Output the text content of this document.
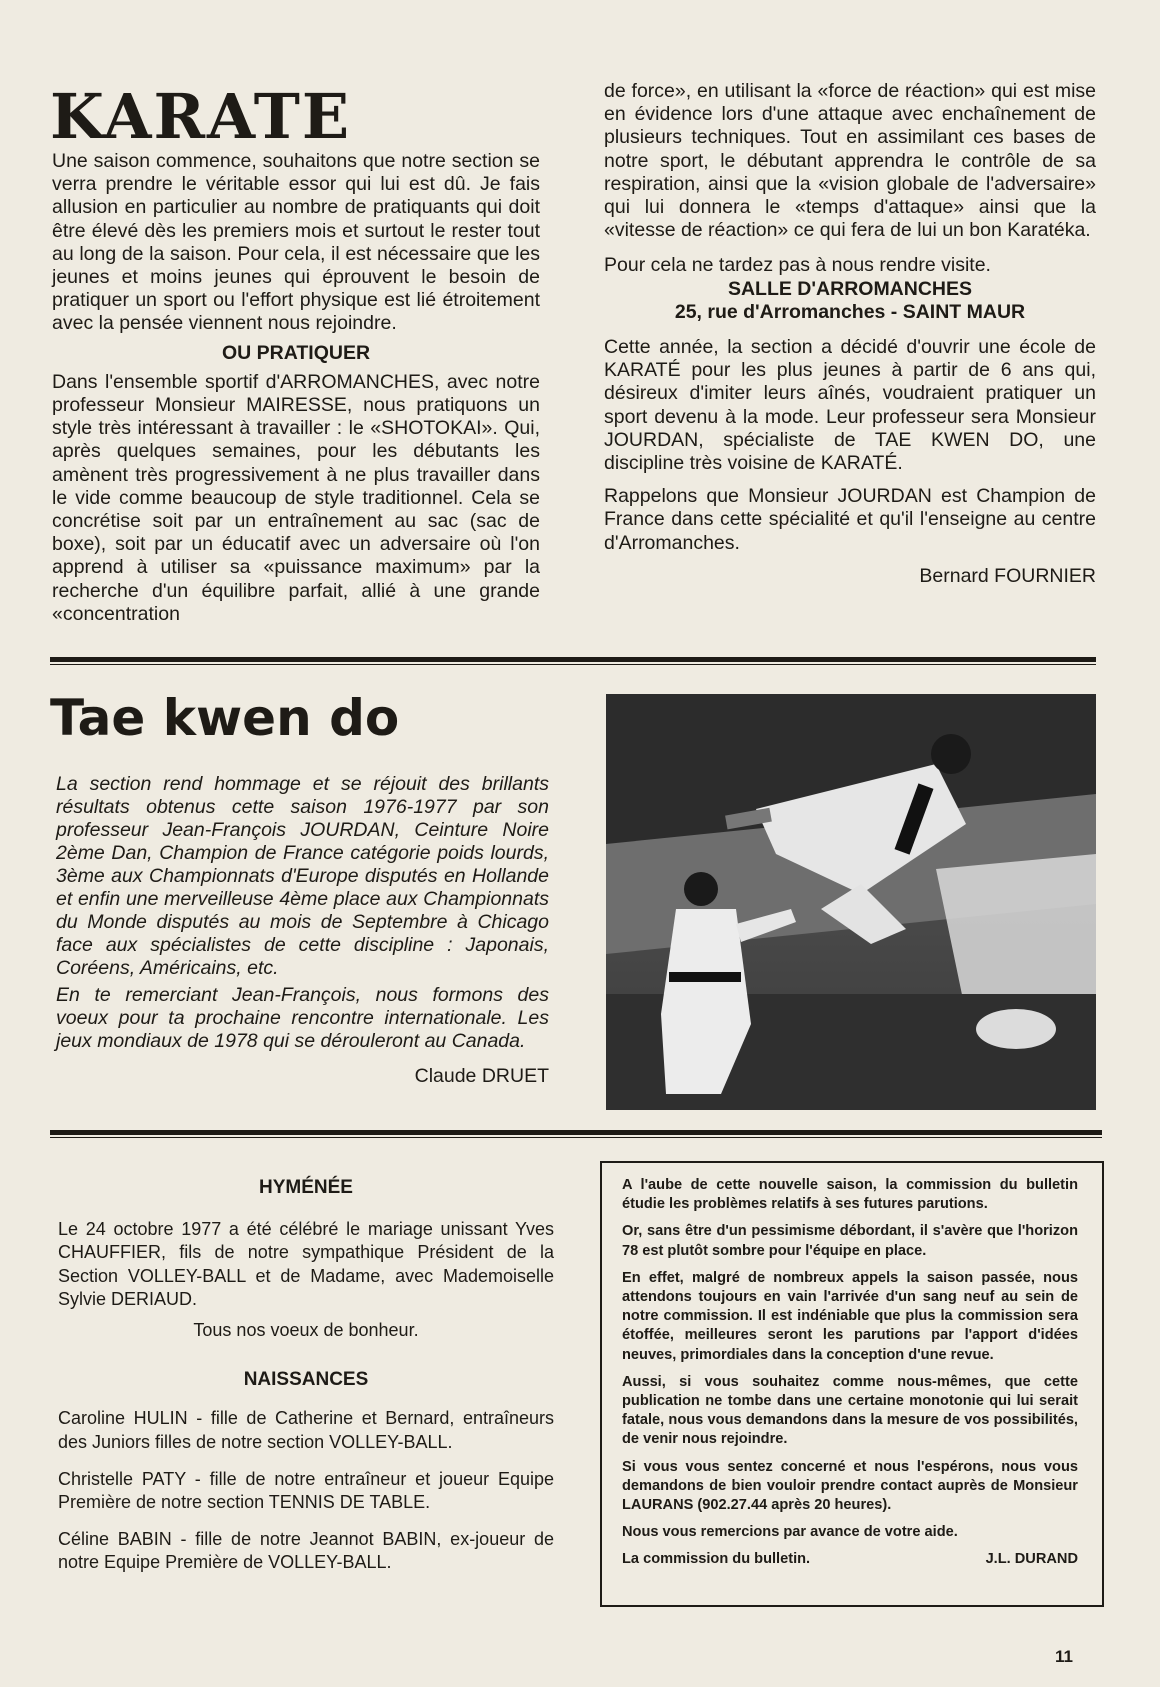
KARATE

Une saison commence, souhaitons que notre section se verra prendre le véritable essor qui lui est dû. Je fais allusion en particulier au nombre de pratiquants qui doit être élevé dès les premiers mois et surtout le rester tout au long de la saison. Pour cela, il est nécessaire que les jeunes et moins jeunes qui éprouvent le besoin de pratiquer un sport ou l'effort physique est lié étroitement avec la pensée viennent nous rejoindre.

OU PRATIQUER

Dans l'ensemble sportif d'ARROMANCHES, avec notre professeur Monsieur MAIRESSE, nous pratiquons un style très intéressant à travailler : le «SHOTOKAI». Qui, après quelques semaines, pour les débutants les amènent très progressivement à ne plus travailler dans le vide comme beaucoup de style traditionnel. Cela se concrétise soit par un entraînement au sac (sac de boxe), soit par un éducatif avec un adversaire où l'on apprend à utiliser sa «puissance maximum» par la recherche d'un équilibre parfait, allié à une grande «concentration

de force», en utilisant la «force de réaction» qui est mise en évidence lors d'une attaque avec enchaînement de plusieurs techniques. Tout en assimilant ces bases de notre sport, le débutant apprendra le contrôle de sa respiration, ainsi que la «vision globale de l'adversaire» qui lui donnera le «temps d'attaque» ainsi que la «vitesse de réaction» ce qui fera de lui un bon Karatéka.

Pour cela ne tardez pas à nous rendre visite.

SALLE D'ARROMANCHES

25, rue d'Arromanches - SAINT MAUR

Cette année, la section a décidé d'ouvrir une école de KARATÉ pour les plus jeunes à partir de 6 ans qui, désireux d'imiter leurs aînés, voudraient pratiquer un sport devenu à la mode. Leur professeur sera Monsieur JOURDAN, spécialiste de TAE KWEN DO, une discipline très voisine de KARATÉ.

Rappelons que Monsieur JOURDAN est Champion de France dans cette spécialité et qu'il l'enseigne au centre d'Arromanches.

Bernard FOURNIER

Tae kwen do

La section rend hommage et se réjouit des brillants résultats obtenus cette saison 1976-1977 par son professeur Jean-François JOURDAN, Ceinture Noire 2ème Dan, Champion de France catégorie poids lourds, 3ème aux Championnats d'Europe disputés en Hollande et enfin une merveilleuse 4ème place aux Championnats du Monde disputés au mois de Septembre à Chicago face aux spécialistes de cette discipline : Japonais, Coréens, Américains, etc.

En te remerciant Jean-François, nous formons des voeux pour ta prochaine rencontre internationale. Les jeux mondiaux de 1978 qui se dérouleront au Canada.

Claude DRUET

HYMÉNÉE

Le 24 octobre 1977 a été célébré le mariage unissant Yves CHAUFFIER, fils de notre sympathique Président de la Section VOLLEY-BALL et de Madame, avec Mademoiselle Sylvie DERIAUD.

Tous nos voeux de bonheur.

NAISSANCES

Caroline HULIN - fille de Catherine et Bernard, entraîneurs des Juniors filles de notre section VOLLEY-BALL.

Christelle PATY - fille de notre entraîneur et joueur Equipe Première de notre section TENNIS DE TABLE.

Céline BABIN - fille de notre Jeannot BABIN, ex-joueur de notre Equipe Première de VOLLEY-BALL.

A l'aube de cette nouvelle saison, la commission du bulletin étudie les problèmes relatifs à ses futures parutions.

Or, sans être d'un pessimisme débordant, il s'avère que l'horizon 78 est plutôt sombre pour l'équipe en place.

En effet, malgré de nombreux appels la saison passée, nous attendons toujours en vain l'arrivée d'un sang neuf au sein de notre commission. Il est indéniable que plus la commission sera étoffée, meilleures seront les parutions par l'apport d'idées neuves, primordiales dans la conception d'une revue.

Aussi, si vous souhaitez comme nous-mêmes, que cette publication ne tombe dans une certaine monotonie qui lui serait fatale, nous vous demandons dans la mesure de vos possibilités, de venir nous rejoindre.

Si vous vous sentez concerné et nous l'espérons, nous vous demandons de bien vouloir prendre contact auprès de Monsieur LAURANS (902.27.44 après 20 heures).

Nous vous remercions par avance de votre aide.

La commission du bulletin.	J.L. DURAND
11
